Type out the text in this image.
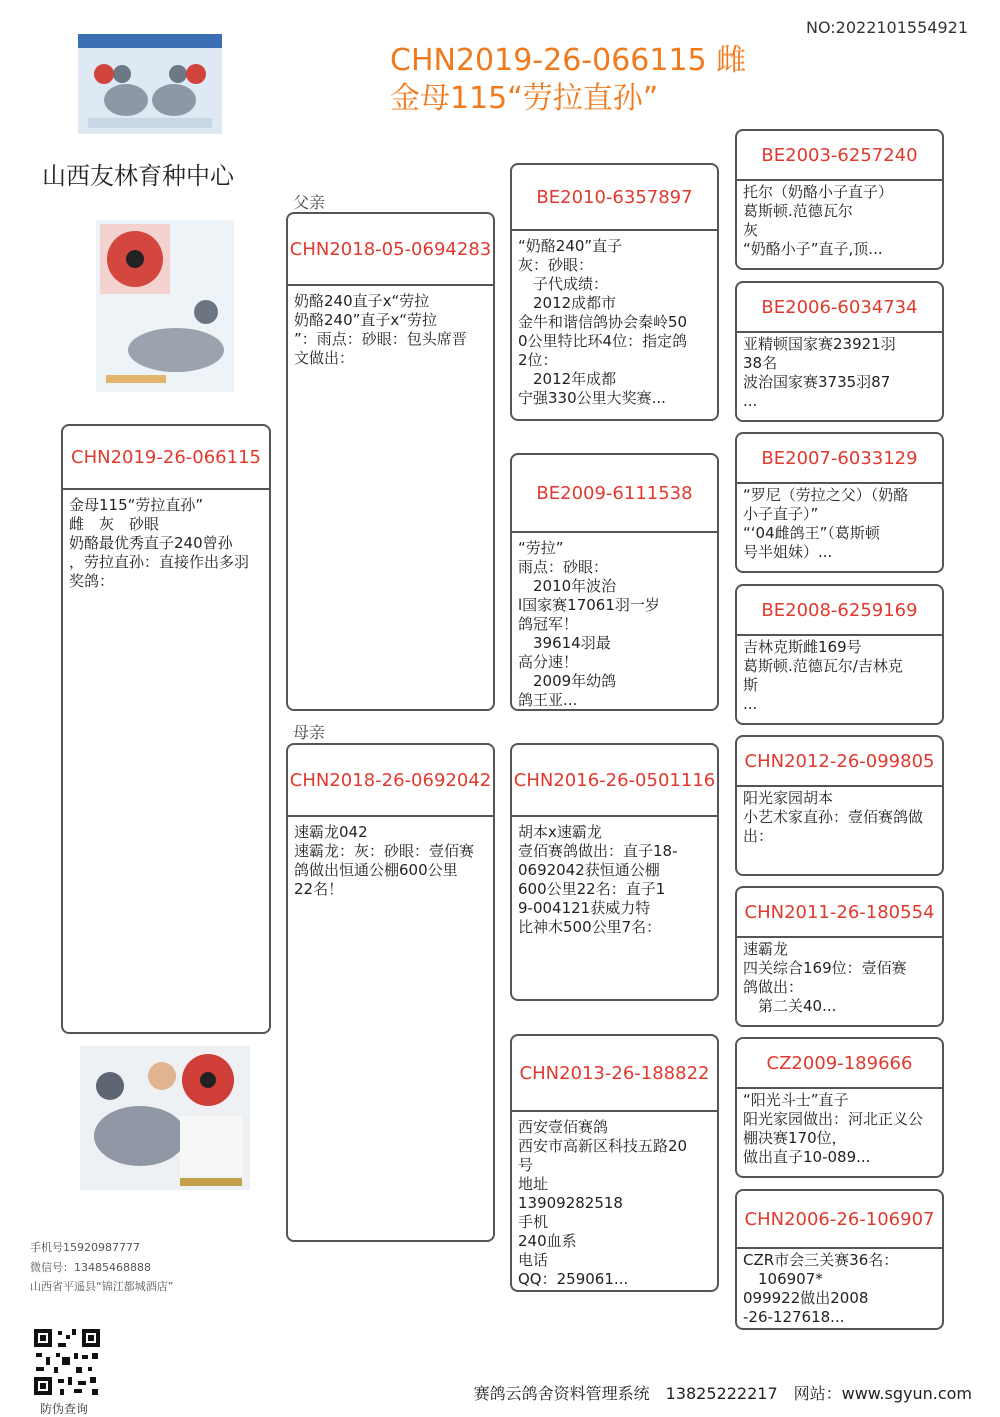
NO:2022101554921
CHN2019-26-066115 雌
金母115“劳拉直孙”
山西友林育种中心
父亲
母亲
CHN2019-26-066115
金母115“劳拉直孙”
雌　灰　砂眼
奶酪最优秀直子240曾孙
，劳拉直孙：直接作出多羽
奖鸽：
CHN2018-05-0694283
奶酪240直子x“劳拉
奶酪240”直子x“劳拉
”：雨点：砂眼：包头席晋
文做出：
CHN2018-26-0692042
速霸龙042
速霸龙：灰：砂眼：壹佰赛
鸽做出恒通公棚600公里
22名！
BE2010-6357897
“奶酪240”直子
灰：砂眼：
　子代成绩：
　2012成都市
金牛和谐信鸽协会秦岭50
0公里特比环4位：指定鸽
2位：
　2012年成都
宁强330公里大奖赛...
BE2009-6111538
“劳拉”
雨点：砂眼：
　2010年波治
l国家赛17061羽一岁
鸽冠军！
　39614羽最
高分速！
　2009年幼鸽
鸽王亚...
CHN2016-26-0501116
胡本x速霸龙
壹佰赛鸽做出：直子18-
0692042获恒通公棚
600公里22名：直子1
9-004121获威力特
比神木500公里7名：
CHN2013-26-188822
西安壹佰赛鸽
西安市高新区科技五路20
号
地址
13909282518
手机
240血系
电话
QQ：259061...
BE2003-6257240
托尔（奶酪小子直子）
葛斯顿.范德瓦尔
灰
“奶酪小子”直子,顶...
BE2006-6034734
亚精顿国家赛23921羽
38名
波治国家赛3735羽87
...
BE2007-6033129
“罗尼（劳拉之父）（奶酪
小子直子）”
“‘04雌鸽王”（葛斯顿
号半姐妹）...
BE2008-6259169
吉林克斯雌169号
葛斯顿.范德瓦尔/吉林克
斯
...
CHN2012-26-099805
阳光家园胡本
小艺术家直孙：壹佰赛鸽做
出：
CHN2011-26-180554
速霸龙
四关综合169位：壹佰赛
鸽做出：
　第二关40...
CZ2009-189666
“阳光斗士”直子
阳光家园做出：河北正义公
棚决赛170位，
做出直子10-089...
CHN2006-26-106907
CZR市会三关赛36名：
　106907*
099922做出2008
-26-127618...
手机号15920987777
微信号：13485468888
山西省平遥县“锦江都城酒店”
防伪查询
赛鸽云鸽舍资料管理系统　13825222217　网站：www.sgyun.com
